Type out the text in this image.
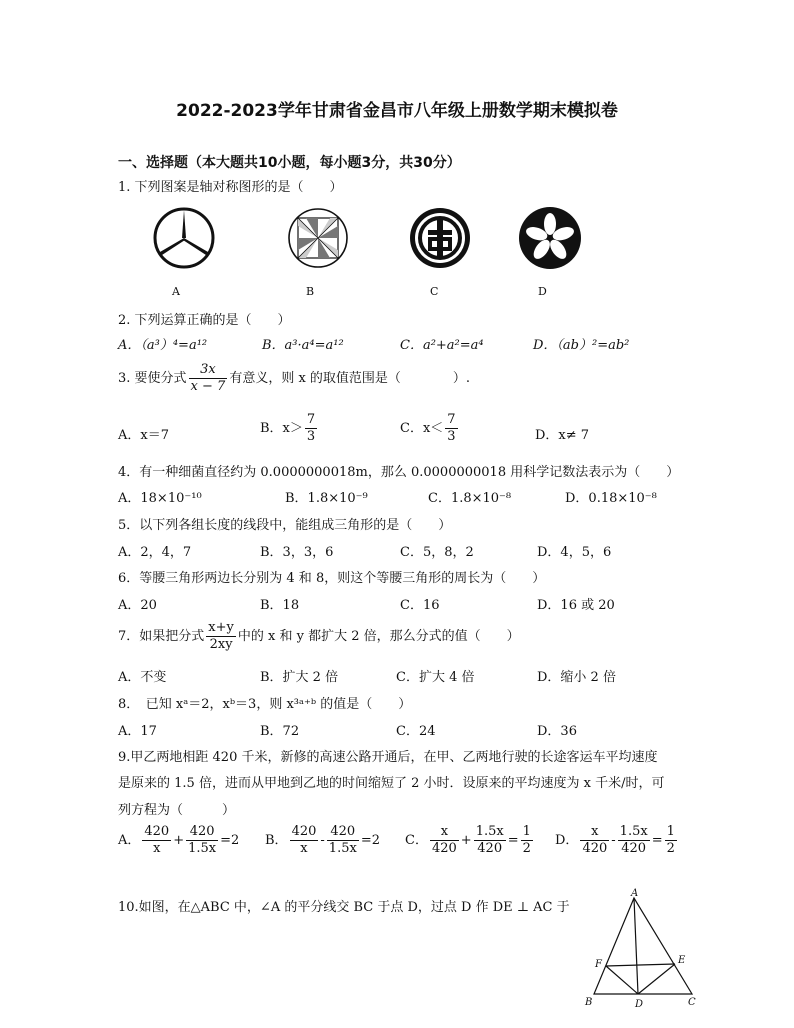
2022-2023学年甘肃省金昌市八年级上册数学期末模拟卷
一、选择题（本大题共10小题，每小题3分，共30分）
1. 下列图案是轴对称图形的是（　　）
A	B	C	D
2. 下列运算正确的是（　　）
A．（a³）⁴=a¹²	B．a³·a⁴=a¹²	C．a²+a²=a⁴	D．（ab）²=ab²
3. 要使分式 $\frac{3x}{x - 7}$ 有意义，则 x 的取值范围是（　　　　）.
A．x＝7	B．$x> \frac{7}{3}$	C．$x< \frac{7}{3}$	D．x≠ 7
4．有一种细菌直径约为 0.0000000018m，那么 0.0000000018 用科学记数法表示为（　　）
A．18×10⁻¹⁰	B．1.8×10⁻⁹	C．1.8×10⁻⁸	D．0.18×10⁻⁸
5．以下列各组长度的线段中，能组成三角形的是（　　）
A．2，4，7	B．3，3，6	C．5，8，2	D．4，5，6
6．等腰三角形两边长分别为 4 和 8，则这个等腰三角形的周长为（　　）
A．20	B．18	C．16	D．16 或 20
7．如果把分式 $\frac{x+y}{2xy}$ 中的 x 和 y 都扩大 2 倍，那么分式的值（　　）
A．不变	B．扩大 2 倍	C．扩大 4 倍	D．缩小 2 倍
8．　已知 xᵃ＝2，xᵇ＝3，则 x³ᵃ⁺ᵇ 的值是（　　）
A．17	B．72	C．24	D．36
9.甲乙两地相距 420 千米，新修的高速公路开通后，在甲、乙两地行驶的长途客运车平均速度
是原来的 1.5 倍，进而从甲地到乙地的时间缩短了 2 小时．设原来的平均速度为 x 千米/时，可
列方程为（　　　）
A． $\frac{420}{x} + \frac{420}{1.5x} =2$ B． $\frac{420}{x} - \frac{420}{1.5x} =2$ C． $\frac{x}{420} + \frac{1.5x}{420} = \frac{1}{2}$ D． $\frac{x}{420} - \frac{1.5x}{420} = \frac{1}{2}$
10.如图，在△ABC 中，∠A 的平分线交 BC 于点 D，过点 D 作 DE ⊥ AC 于
A
B	C
D
E
F
